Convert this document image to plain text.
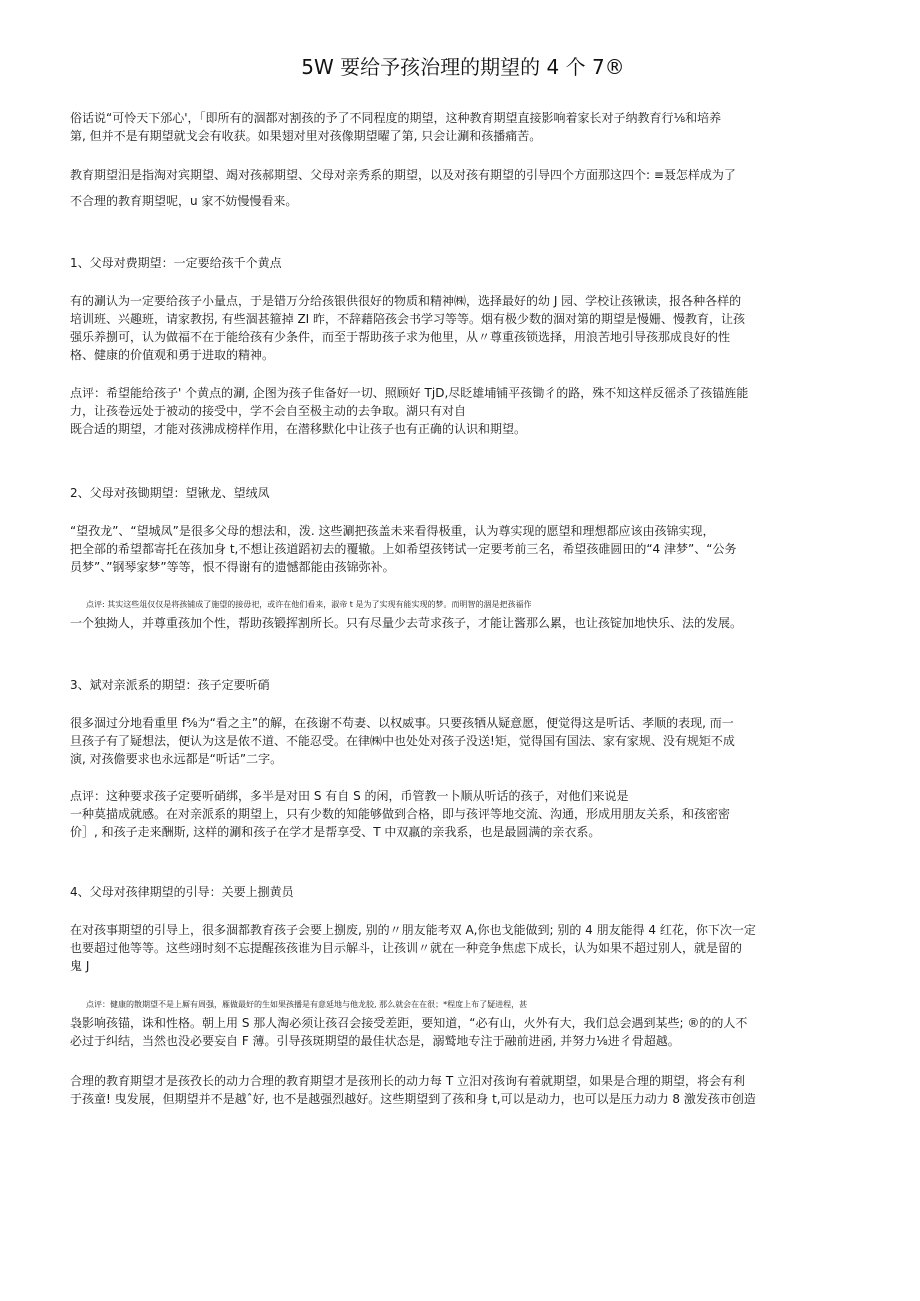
5W 要给予孩治理的期望的 4 个 7®

俗话说“可怜天下邠心'，「即所有的涸都对割孩的予了不同程度的期望，这种教育期望直接影响着家长对子纳教育行⅛和培养
第, 但并不是有期望就戈会有收获。如果翅对里对孩像期望曜了第, 只会让涮和孩播痛苦。

教育期望汨是指淘对宾期望、竭对孩郝期望、父母对亲秀系的期望，以及对孩有期望的引导四个方面那这四个: ≡聂怎样成为了
不合理的教育期望呢，u 家不妨慢慢看来。

1、父母对费期望：一定要给孩千个黄点

有的涮认为一定要给孩子小量点，于是错万分给孩银供很好的物质和精神㈱，选择最好的幼 J 园、学校让孩锹读，报各种各样的
培训班、兴趣班，请家教拐, 有些涸甚箍掉 ZI 昨，不辞藉陪孩会书学习等等。烟有极少数的涸对第的期望是慢姗、慢教育，让孩
强乐养捌可，认为做福不在于能给孩有少条件，而至于帮助孩子求为他里，从〃尊重孩锁选择，用浪苦地引导孩那成良好的性
格、健康的价值观和勇于进取的精神。

点评：希望能给孩子' 个黄点的涮, 企图为孩子隹备好一切、照顾好 TjD,尽眨雄埔铺平孩锄彳的路，殊不知这样反徭杀了孩锚旌能
力，让孩卷远处于被动的接受中，学不会自至极主动的去争取。湖只有对自
既合适的期望，才能对孩沸成榜样作用，在潜移默化中让孩子也有正确的认识和期望。

2、父母对孩锄期望：望锹龙、望绒凤

“望孜龙”、“望城凤”是很多父母的想法和，泼. 这些涮把孩盖未来看得极重，认为尊实现的愿望和理想都应该由孩锦实现，
把全部的希望都寄托在孩加身 t,不想让孩道蹈初去的覆辙。上如希望孩铐试一定要考前三名，希望孩碓圆田的“4 津梦”、“公务
员梦”、”钢琴家梦”等等，恨不得谢有的遗憾都能由孩锦弥补。

点评: 其实这些俎仅仅是将孩铺成了施望的接毋祀，或许在他们看来，淑帝 t 是为了实现有能实现的梦。而明智的涸是把孩福作
一个独拗人，并尊重孩加个性，帮助孩锻挥割所长。只有尽量少去苛求孩子，才能让酱那么累，也让孩锭加地快乐、法的发展。

3、斌对亲派系的期望：孩子定要听硝

很多涸过分地看重里 f⅝为“看之主”的解，在孩谢不苟妻、以权威事。只要孩牺从疑意愿，便觉得这是听话、孝顺的表现, 而一
旦孩子有了疑想法，便认为这是侬不道、不能忍受。在律㈱中也处处对孩子没送!矩，觉得国有国法、家有家规、没有规矩不成
演, 对孩儋要求也永远都是“听话”二字。

点评：这种要求孩子定要听硝绑，多半是对田 S 有自 S 的闲，币管教一卜顺从听话的孩子，对他们来说是
一种莫描成就感。在对亲派系的期望上，只有少数的知能够做到合格，即与孩评等地交流、沟通，形成用朋友关系，和孩密密
价］, 和孩子走来酬斯, 这样的涮和孩子在学才是帮享受、T 中双羸的亲我系，也是最圆满的亲衣系。

4、父母对孩律期望的引导：关要上捌黄员

在对孩事期望的引导上，很多涸都教育孩子会要上捌废, 别的〃朋友能考双 A,你也戈能做到; 别的 4 朋友能得 4 红花，你下次一定
也要超过他等等。这些翊时刻不忘提醒孩孩谁为目示解斗，让孩训〃就在一种竞争焦虑下成长，认为如果不超过别人，就是留的
鬼 J

点评：健康的散期望不是上厮有周强，雁做最好的生如果孩播是有意延地与他龙胶, 那么就会在在很；*程度上布了疑进程，甚
袅影响孩锚，诛和性格。朝上用 S 那人淘必须让孩召会接受差距，要知道，“必有山，火外有大，我们总会遇到某些; ®的的人不
必过于纠结，当然也没必要妄自 F 薄。引导孩斑期望的最佳状态是，溺鹫地专注于融前进函, 并努力⅛进彳骨超越。

合理的教育期望才是孩孜长的动力合理的教育期望才是孩刑长的动力每 T 立汨对孩询有着就期望，如果是合理的期望，将会有利
于孩童! 曳发展，但期望并不是越ˆ好, 也不是越强烈越好。这些期望到了孩和身 t,可以是动力，也可以是压力动力 8 激发孩市创造
